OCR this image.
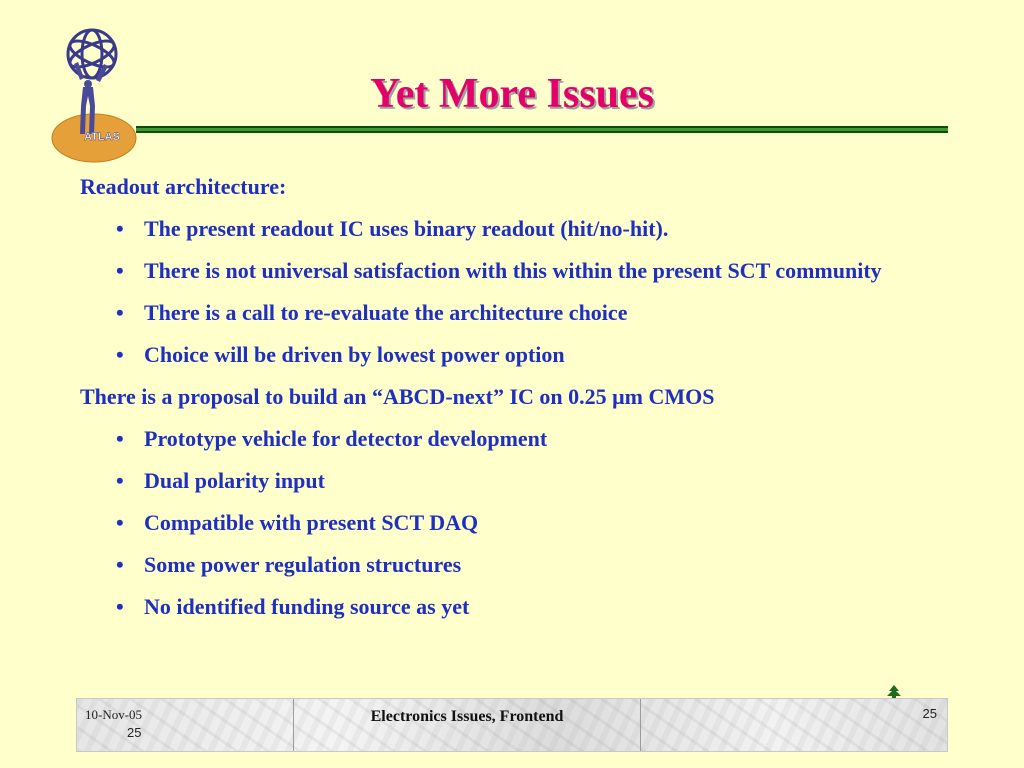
ATLAS
Yet More Issues
Readout architecture:
• The present readout IC uses binary readout (hit/no-hit).
• There is not universal satisfaction with this within the present SCT community
• There is a call to re-evaluate the architecture choice
• Choice will be driven by lowest power option
There is a proposal to build an “ABCD-next” IC on 0.25 μm CMOS
• Prototype vehicle for detector development
• Dual polarity input
• Compatible with present SCT DAQ
• Some power regulation structures
• No identified funding source as yet
10-Nov-05
25
Electronics Issues, Frontend	25
